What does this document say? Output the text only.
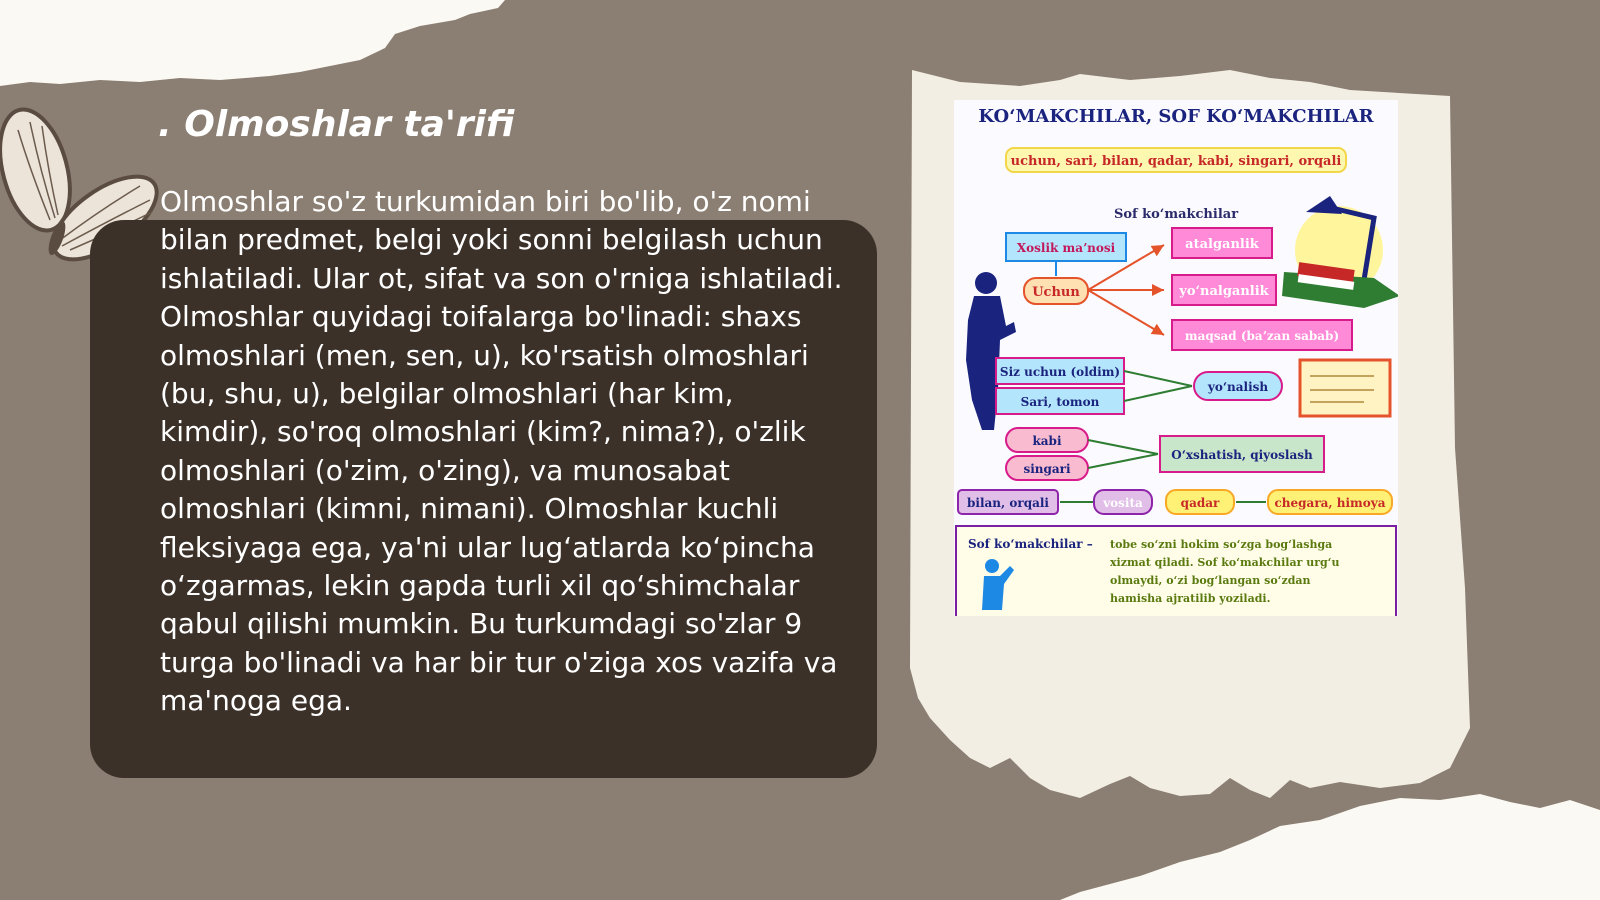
. Olmoshlar ta'rifi

Olmoshlar so'z turkumidan biri bo'lib, o'z nomi bilan predmet, belgi yoki sonni belgilash uchun ishlatiladi. Ular ot, sifat va son o'rniga ishlatiladi. Olmoshlar quyidagi toifalarga bo'linadi: shaxs olmoshlari (men, sen, u), ko'rsatish olmoshlari (bu, shu, u), belgilar olmoshlari (har kim, kimdir), so'roq olmoshlari (kim?, nima?), o'zlik olmoshlari (o'zim, o'zing), va munosabat olmoshlari (kimni, nimani). Olmoshlar kuchli fleksiyaga ega, ya'ni ular lug‘atlarda ko‘pincha o‘zgarmas, lekin gapda turli xil qo‘shimchalar qabul qilishi mumkin. Bu turkumdagi so'zlar 9 turga bo'linadi va har bir tur o'ziga xos vazifa va ma'noga ega.

KOʻMAKCHILAR, SOF KOʻMAKCHILAR
uchun, sari, bilan, qadar, kabi, singari, orqali
Sof koʻmakchilar
Xoslik maʼnosi
Uchun
atalganlik
yoʻnalganlik
maqsad (baʼzan sabab)
Siz uchun (oldim)
Sari, tomon
yoʻnalish
kabi
singari
Oʻxshatish, qiyoslash
bilan, orqali	vosita	qadar	chegara, himoya
Sof koʻmakchilar – tobe soʻzni hokim soʻzga bogʻlashga
xizmat qiladi. Sof koʻmakchilar urgʻu
olmaydi, oʻzi bogʻlangan soʻzdan
hamisha ajratilib yoziladi.
